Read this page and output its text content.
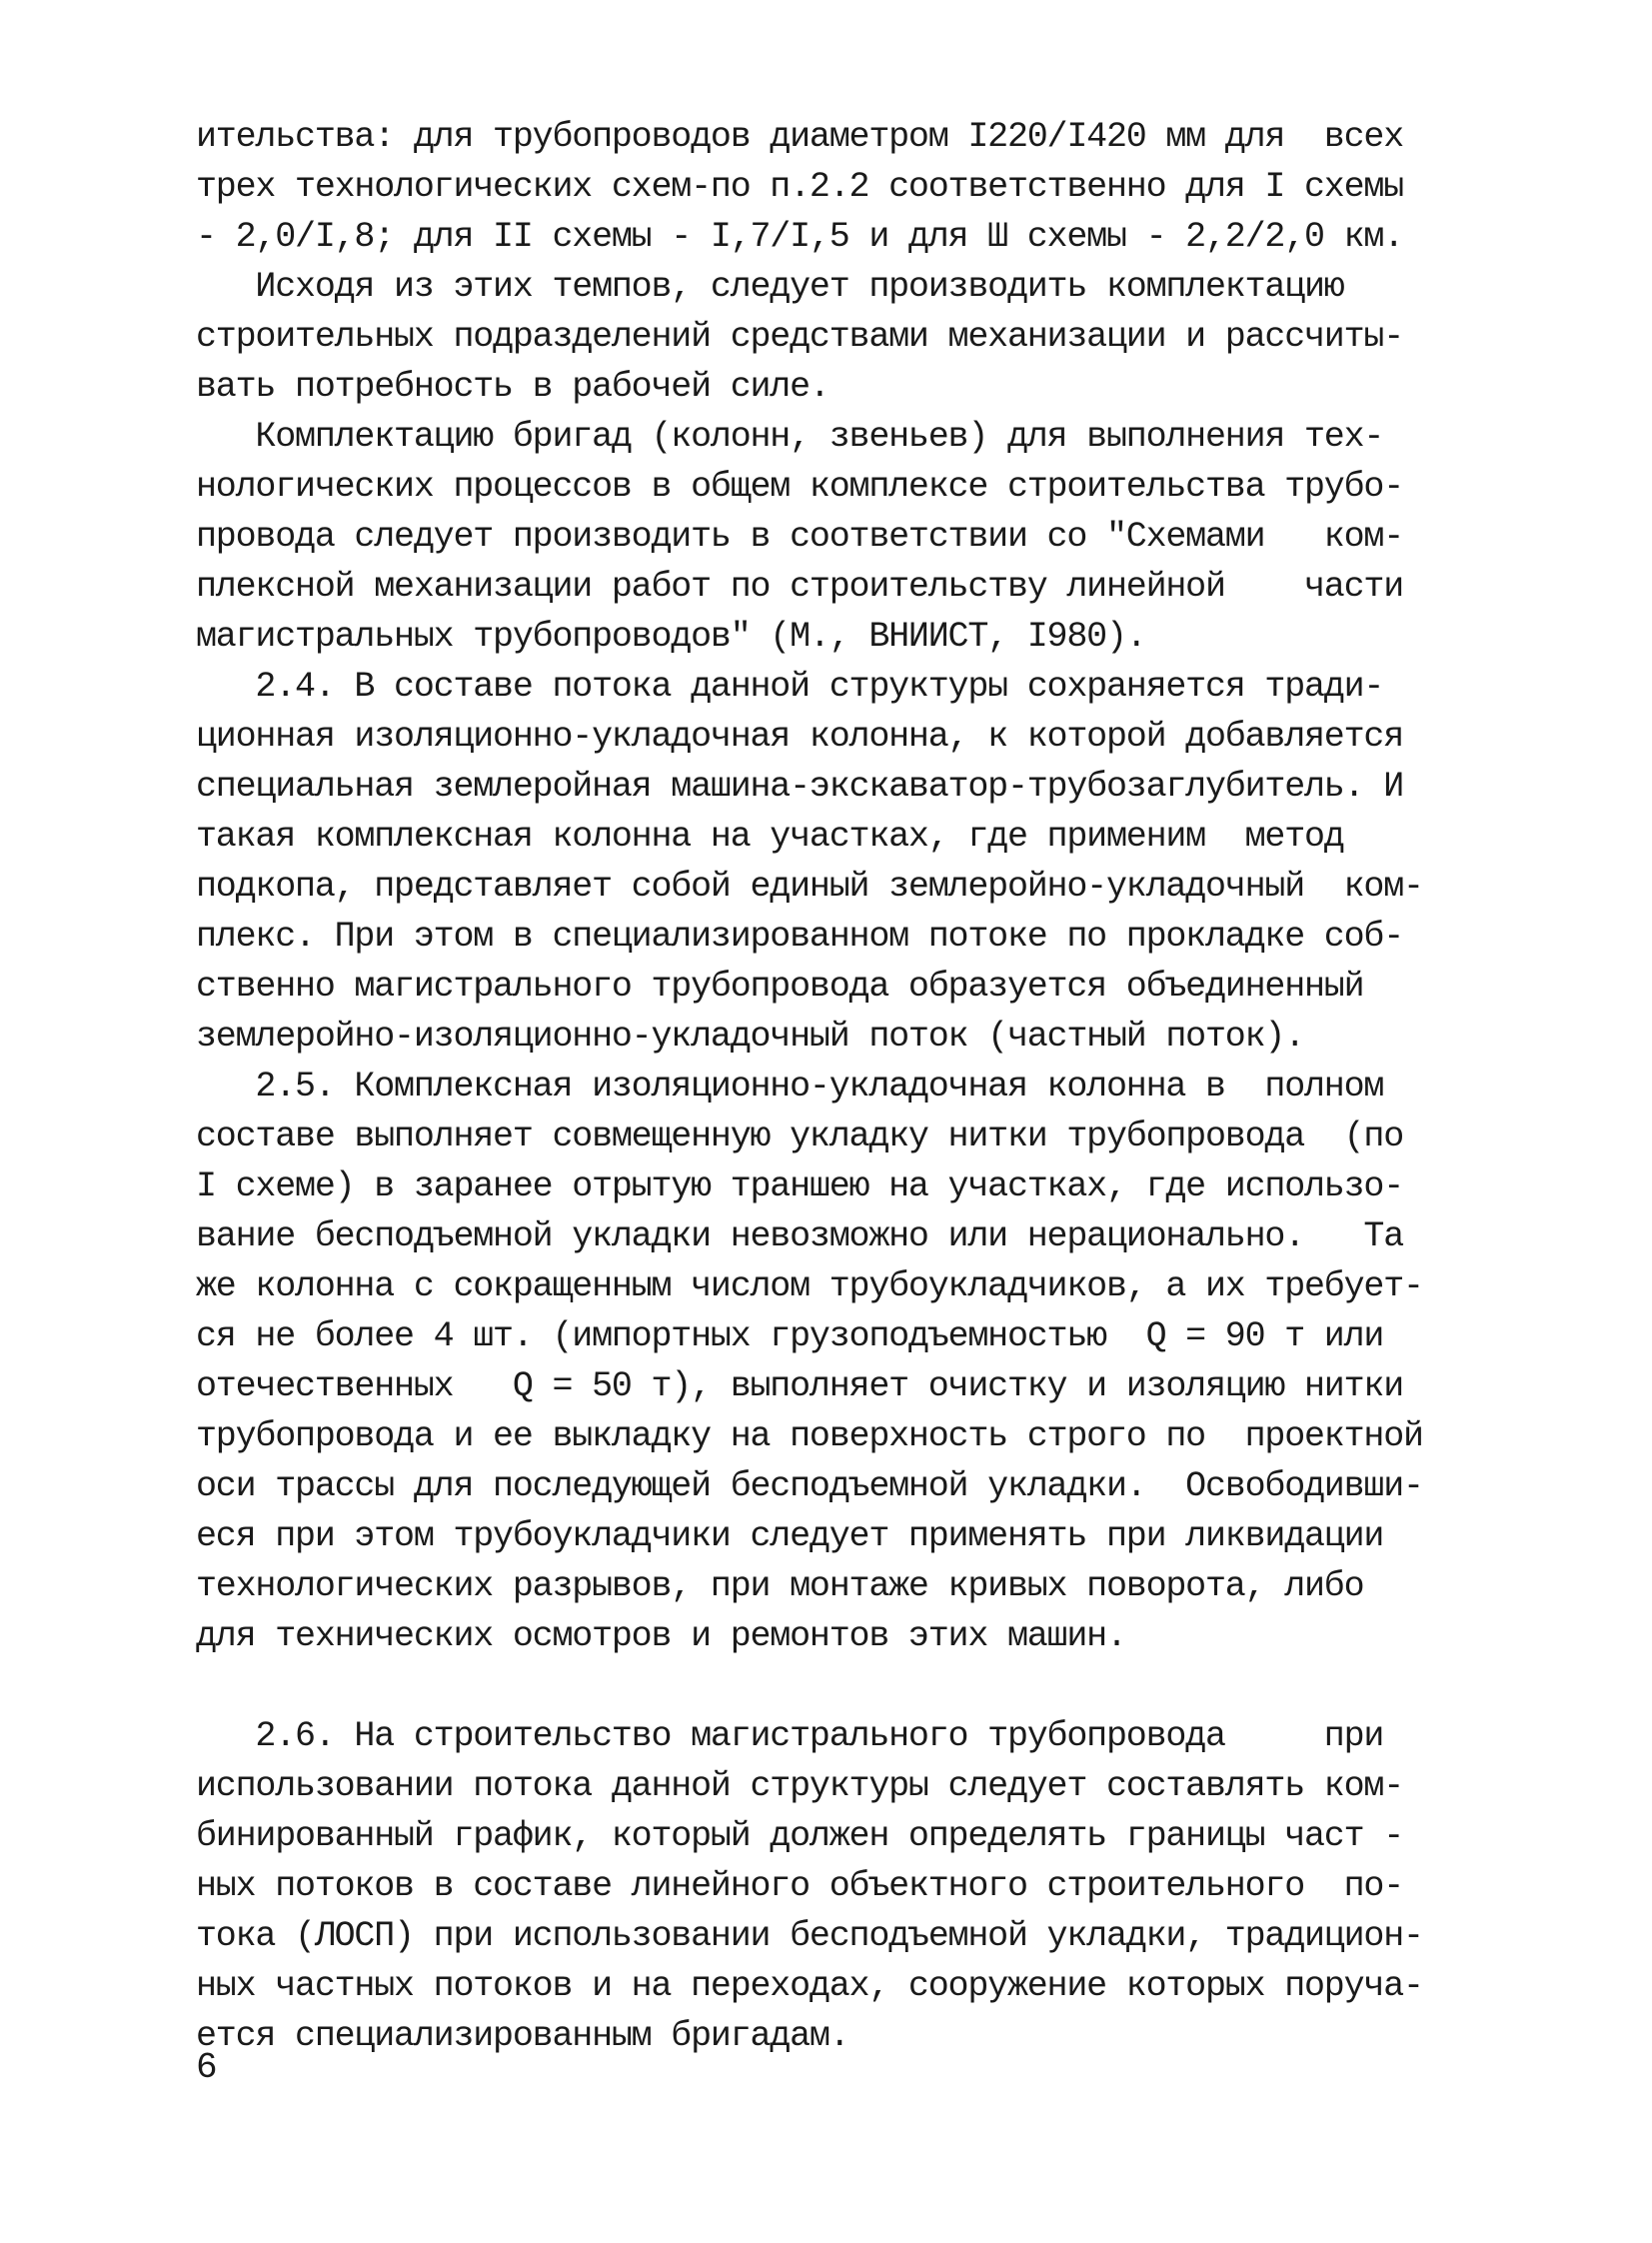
ительства: для трубопроводов диаметром I220/I420 мм для  всех
трех технологических схем-по п.2.2 соответственно для I схемы
- 2,0/I,8; для II схемы - I,7/I,5 и для Ш схемы - 2,2/2,0 км.
Исходя из этих темпов, следует производить комплектацию
строительных подразделений средствами механизации и рассчиты-
вать потребность в рабочей силе.
Комплектацию бригад (колонн, звеньев) для выполнения тех-
нологических процессов в общем комплексе строительства трубо-
провода следует производить в соответствии со "Схемами   ком-
плексной механизации работ по строительству линейной    части
магистральных трубопроводов" (М., ВНИИСТ, I980).
2.4. В составе потока данной структуры сохраняется тради-
ционная изоляционно-укладочная колонна, к которой добавляется
специальная землеройная машина-экскаватор-трубозаглубитель. И
такая комплексная колонна на участках, где применим  метод
подкопа, представляет собой единый землеройно-укладочный  ком-
плекс. При этом в специализированном потоке по прокладке соб-
ственно магистрального трубопровода образуется объединенный
землеройно-изоляционно-укладочный поток (частный поток).
2.5. Комплексная изоляционно-укладочная колонна в  полном
составе выполняет совмещенную укладку нитки трубопровода  (по
I схеме) в заранее отрытую траншею на участках, где использо-
вание бесподъемной укладки невозможно или нерационально.   Та
же колонна с сокращенным числом трубоукладчиков, а их требует-
ся не более 4 шт. (импортных грузоподъемностью  Q = 90 т или
отечественных   Q = 50 т), выполняет очистку и изоляцию нитки
трубопровода и ее выкладку на поверхность строго по  проектной
оси трассы для последующей бесподъемной укладки.  Освободивши-
еся при этом трубоукладчики следует применять при ликвидации
технологических разрывов, при монтаже кривых поворота, либо
для технических осмотров и ремонтов этих машин.
2.6. На строительство магистрального трубопровода     при
использовании потока данной структуры следует составлять ком-
бинированный график, который должен определять границы част -
ных потоков в составе линейного объектного строительного  по-
тока (ЛОСП) при использовании бесподъемной укладки, традицион-
ных частных потоков и на переходах, сооружение которых поруча-
ется специализированным бригадам.
6
